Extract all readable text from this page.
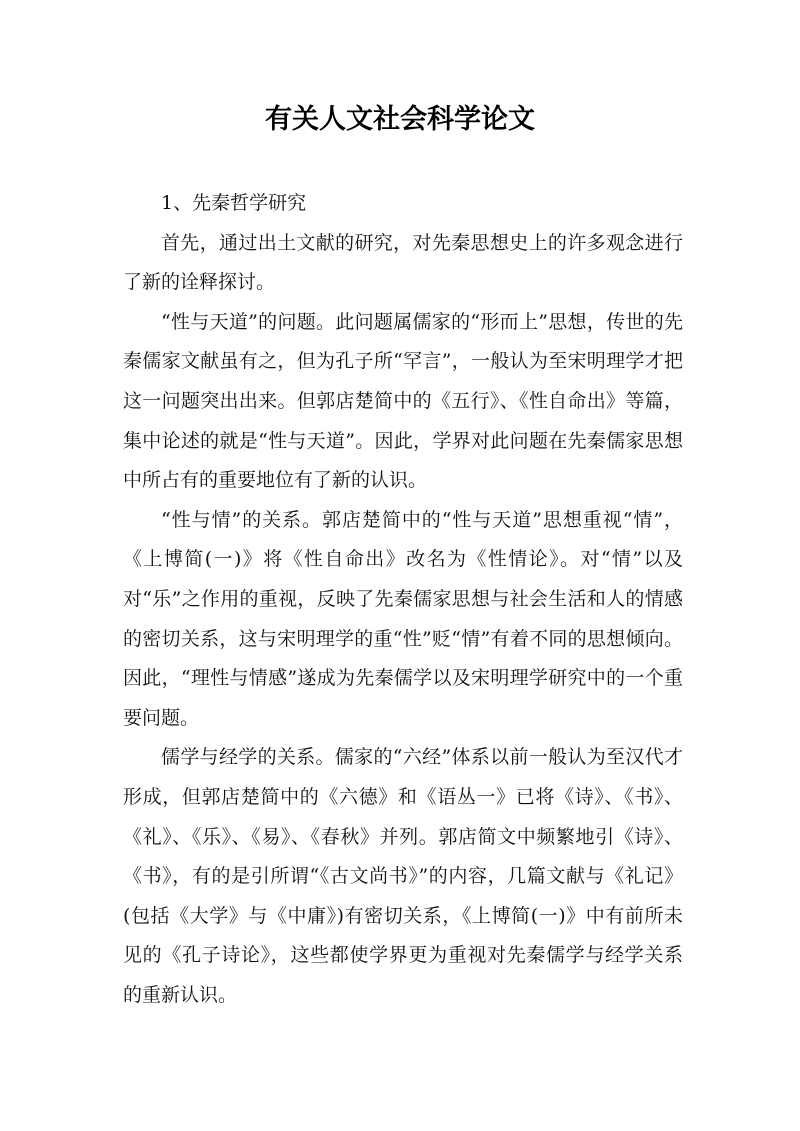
有关人文社会科学论文

1、先秦哲学研究

首先，通过出土文献的研究，对先秦思想史上的许多观念进行了新的诠释探讨。

“性与天道”的问题。此问题属儒家的“形而上”思想，传世的先秦儒家文献虽有之，但为孔子所“罕言”，一般认为至宋明理学才把这一问题突出出来。但郭店楚简中的《五行》、《性自命出》等篇，集中论述的就是“性与天道”。因此，学界对此问题在先秦儒家思想中所占有的重要地位有了新的认识。

“性与情”的关系。郭店楚简中的“性与天道”思想重视“情”，《上博简(一)》将《性自命出》改名为《性情论》。对“情”以及对“乐”之作用的重视，反映了先秦儒家思想与社会生活和人的情感的密切关系，这与宋明理学的重“性”贬“情”有着不同的思想倾向。因此，“理性与情感”遂成为先秦儒学以及宋明理学研究中的一个重要问题。

儒学与经学的关系。儒家的“六经”体系以前一般认为至汉代才形成，但郭店楚简中的《六德》和《语丛一》已将《诗》、《书》、《礼》、《乐》、《易》、《春秋》并列。郭店简文中频繁地引《诗》、《书》，有的是引所谓“《古文尚书》”的内容，几篇文献与《礼记》(包括《大学》与《中庸》)有密切关系，《上博简(一)》中有前所未见的《孔子诗论》，这些都使学界更为重视对先秦儒学与经学关系的重新认识。
